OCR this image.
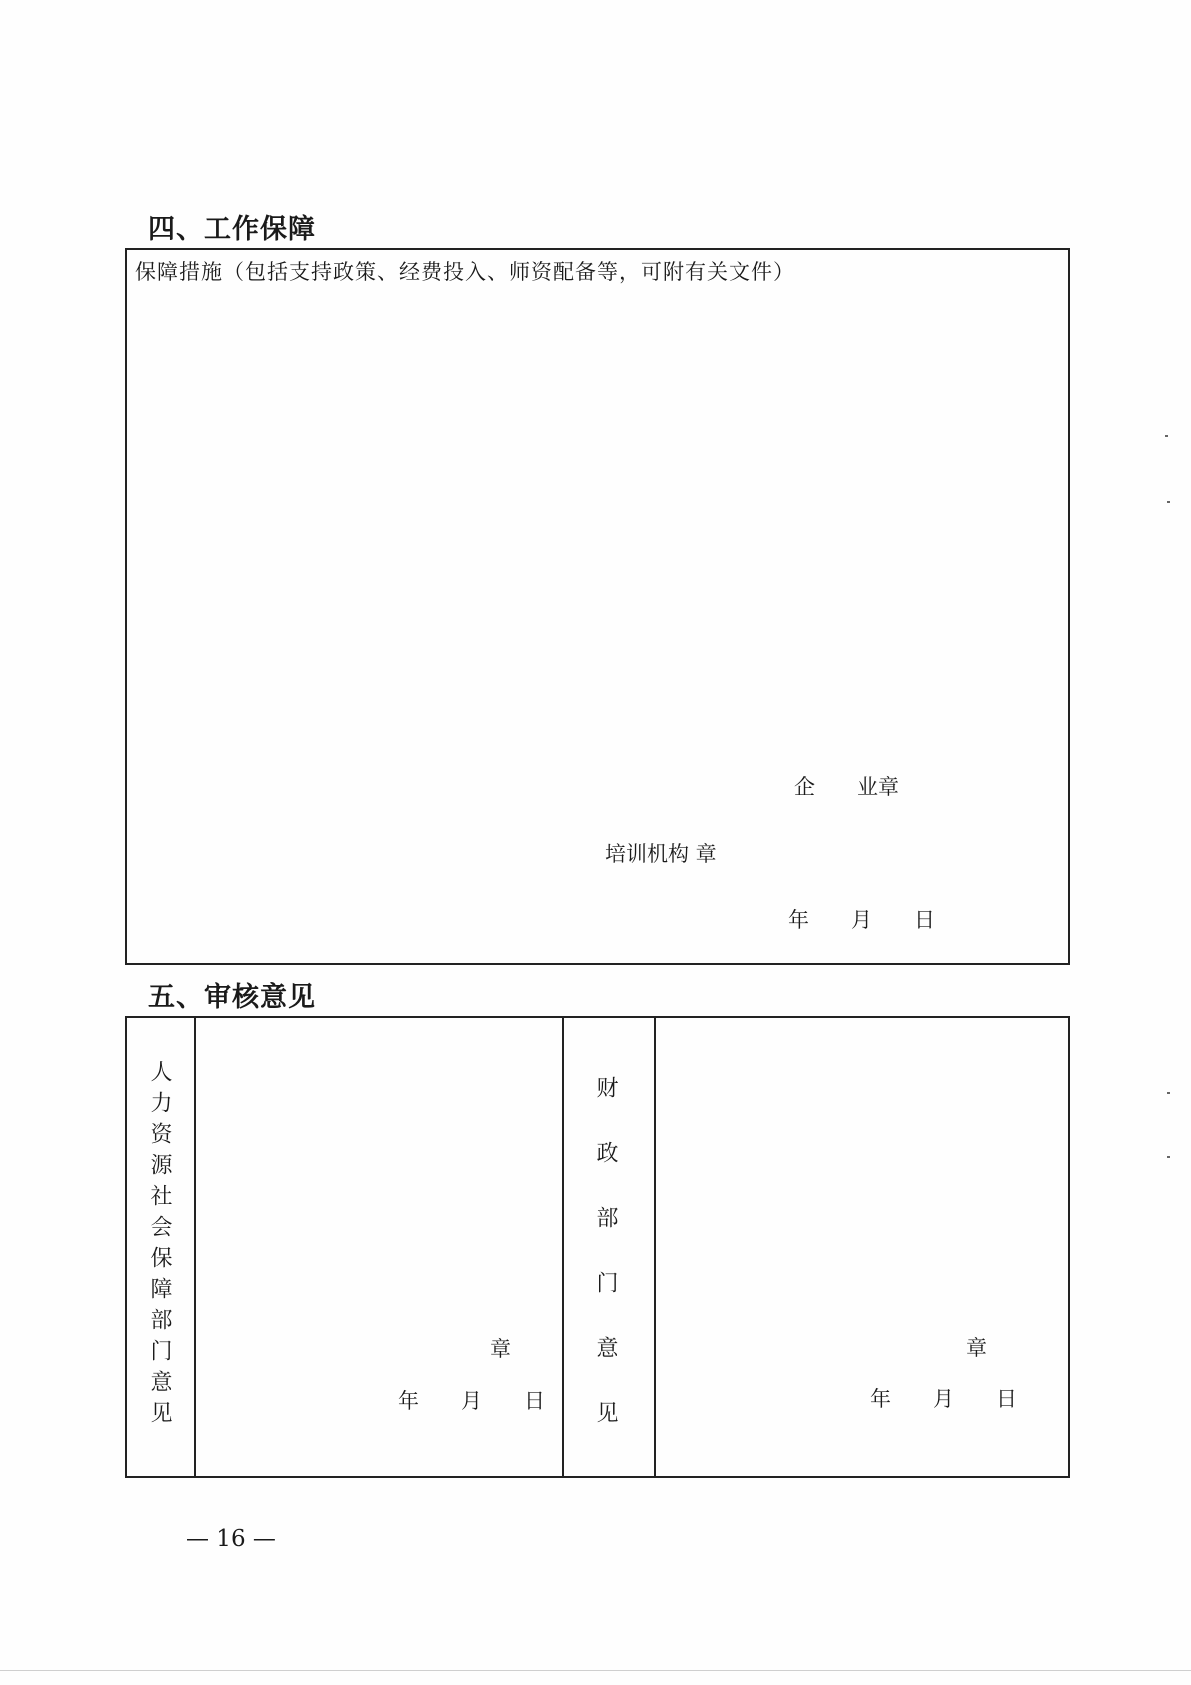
四、工作保障
保障措施（包括支持政策、经费投入、师资配备等，可附有关文件）
企　　业章
培训机构 章
年　　月　　日
五、审核意见
人力资源社会保障部门意见	章
年　　月　　日 财政部门意见	章
年　　月　　日
— 16 —
